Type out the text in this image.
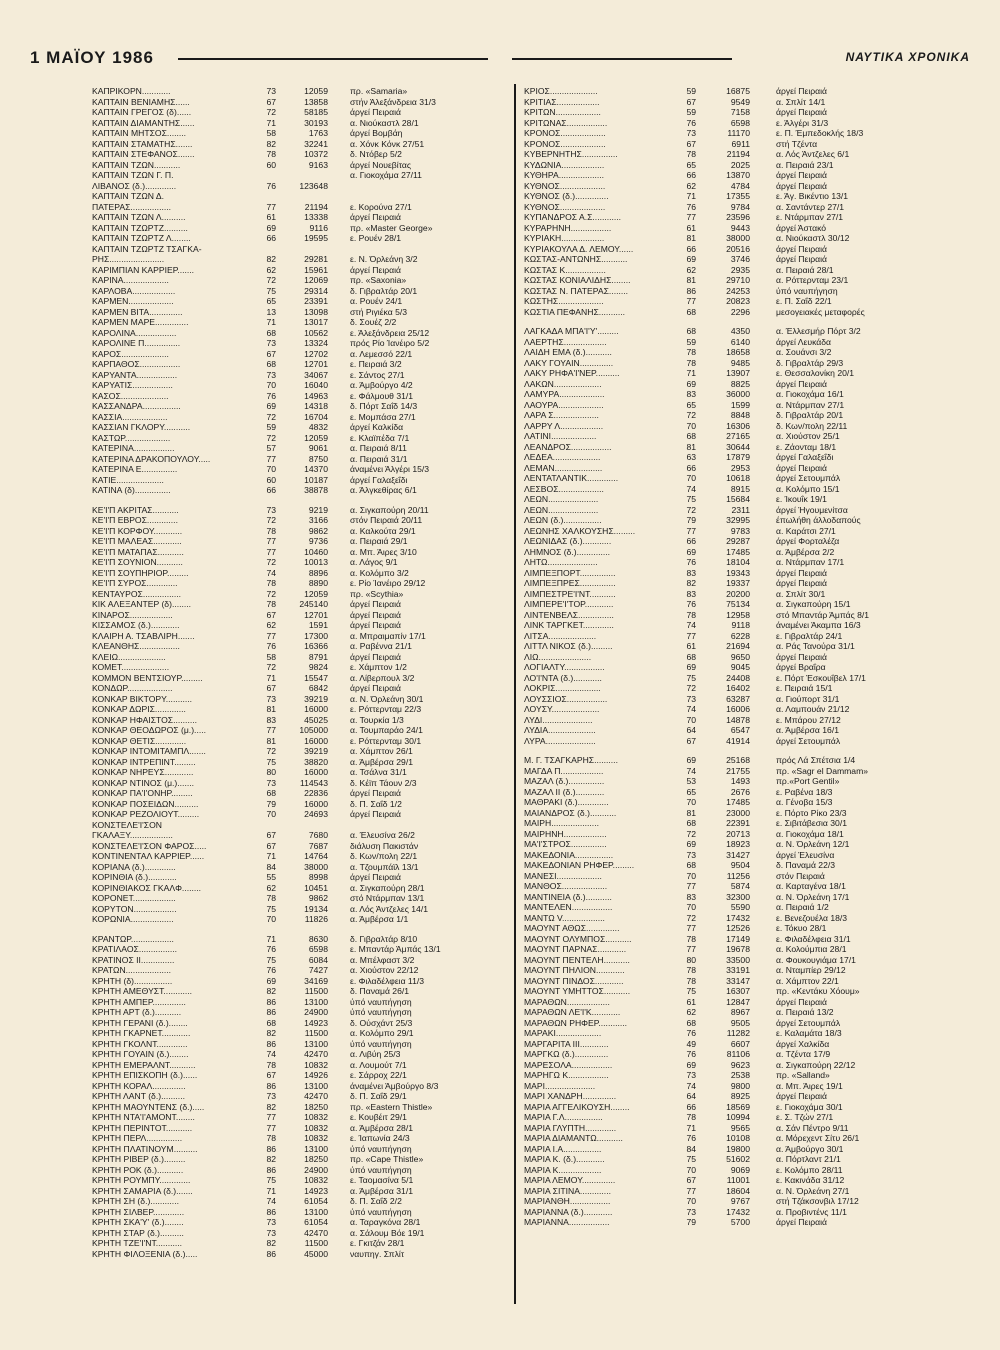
1 ΜΑΪΟΥ 1986	ΝΑΥΤΙΚΑ ΧΡΟΝΙΚΑ
ΚΑΠΡΙΚΟΡΝ............	73	12059	πρ. «Samaria»
ΚΑΠΤΑΙΝ ΒΕΝΙΑΜΗΣ......	67	13858	στήν Άλεξάνδρεια 31/3
ΚΑΠΤΑΙΝ ΓΡΕΓΟΣ (δ)......	72	58185	άργεί Πειραιά
ΚΑΠΤΑΙΝ ΔΙΑΜΑΝΤΗΣ......	71	30193	α. Νιούκαστλ 28/1
ΚΑΠΤΑΙΝ ΜΗΤΣΟΣ........	58	1763	άργεί Βομβάη
ΚΑΠΤΑΙΝ ΣΤΑΜΑΤΗΣ.......	82	32241	α. Χόνκ Κόνκ 27/51
ΚΑΠΤΑΙΝ ΣΤΕΦΑΝΟΣ.......	78	10372	δ. Ντόβερ 5/2
ΚΑΠΤΑΙΝ ΤΖΩΝ...........	60	9163	άργεί Νουεβίτας
ΚΑΠΤΑΙΝ ΤΖΩΝ Γ. Π.	α. Γιοκοχάμα 27/11
ΛΙΒΑΝΟΣ (δ.).............	76	123648
ΚΑΠΤΑΙΝ ΤΖΩΝ Δ.
ΠΑΤΕΡΑΣ.................	77	21194	ε. Κορούνα 27/1
ΚΑΠΤΑΙΝ ΤΖΩΝ Λ..........	61	13338	άργεί Πειραιά
ΚΑΠΤΑΙΝ ΤΖΩΡΤΖ..........	69	9116	πρ. «Master George»
ΚΑΠΤΑΙΝ ΤΖΩΡΤΖ Λ........	66	19595	ε. Ρουέν 28/1
ΚΑΠΤΑΙΝ ΤΖΩΡΤΖ ΤΣΑΓΚΑ-
ΡΗΣ.......................	82	29281	ε. Ν. Όρλεάνη 3/2
ΚΑΡΙΜΠΙΑΝ ΚΑΡΡΙΕΡ.......	62	15961	άργεί Πειραιά
ΚΑΡΙΝΑ...................	72	12069	πρ. «Saxonia»
ΚΑΡΛΟΒΑ..................	75	29314	δ. Γιβραλτάρ 20/1
ΚΑΡΜΕΝ...................	65	23391	α. Ρουέν 24/1
ΚΑΡΜΕΝ ΒΙΤΑ..............	13	13098	στή Ριγιέκα 5/3
ΚΑΡΜΕΝ ΜΑΡΕ..............	71	13017	δ. Σουέζ 2/2
ΚΑΡΟΛΙΝΑ.................	68	10562	ε. Άλεξάνδρεια 25/12
ΚΑΡΟΛΙΝΕ Π...............	73	13324	πρός Ρίο Ίανέιρο 5/2
ΚΑΡΟΣ....................	67	12702	α. Λεμεσσό 22/1
ΚΑΡΠΑΘΟΣ.................	68	12701	ε. Πειραιά 3/2
ΚΑΡΥΑΝΤΑ.................	73	34067	ε. Σάντος 27/1
ΚΑΡΥΑΤΙΣ.................	70	16040	α. Άμβούργο 4/2
ΚΑΣΟΣ....................	76	14963	ε. Φάλμουθ 31/1
ΚΑΣΣΑΝΔΡΑ................	69	14318	δ. Πόρτ Σαΐδ 14/3
ΚΑΣΣΙΑ...................	72	16704	ε. Μομπάσα 27/1
ΚΑΣΣΙΑΝ ΓΚΛΟΡΥ...........	59	4832	άργεί Καλκίδα
ΚΑΣΤΩΡ...................	72	12059	ε. Κλαϊπέδα 7/1
ΚΑΤΕΡΙΝΑ.................	57	9061	α. Πειραιά 8/11
ΚΑΤΕΡΙΝΑ ΔΡΑΚΟΠΟΥΛΟΥ.....	77	8750	α. Πειραιά 31/1
ΚΑΤΕΡΙΝΑ Ε...............	70	14370	άναμένει Άλγέρι 15/3
ΚΑΤΙΕ....................	60	10187	άργεί Γαλαξεΐδι
ΚΑΤΙΝΑ (δ)...............	66	38878	α. Άλγκεθίρας 6/1
ΚΕ'Ι'Π ΑΚΡΙΤΑΣ...........	73	9219	α. Σιγκαπούρη 20/11
ΚΕ'Ι'Π ΕΒΡΟΣ.............	72	3166	στόν Πειραιά 20/11
ΚΕ'Ι'Π ΚΟΡΦΟΥ............	78	9862	α. Καλκούτα 29/1
ΚΕ'Ι'Π ΜΑΛΕΑΣ............	77	9736	α. Πειραιά 29/1
ΚΕ'Ι'Π ΜΑΤΑΠΑΣ...........	77	10460	α. Μπ. Άιρες 3/10
ΚΕ'Ι'Π ΣΟΥΝΙΟΝ...........	72	10013	α. Λάγος 9/1
ΚΕ'Ι'Π ΣΟΥΠΗΡΙΟΡ.........	74	8896	α. Κολόμπο 3/2
ΚΕ'Ι'Π ΣΥΡΟΣ.............	78	8890	ε. Ρίο Ίανέιρο 29/12
ΚΕΝΤΑΥΡΟΣ................	72	12059	πρ. «Scythia»
ΚΙΚ ΑΛΕΞΑΝΤΕΡ (δ)........	78	245140	άργεί Πειραιά
ΚΙΝΑΡΟΣ..................	67	12701	άργεί Πειραιά
ΚΙΣΣΑΜΟΣ (δ.)............	62	1591	άργεί Πειραιά
ΚΛΑΙΡΗ Α. ΤΣΑΒΛΙΡΗ.......	77	17300	α. Μπραιμαπίν 17/1
ΚΛΕΑΝΘΗΣ.................	76	16366	α. Ραβέννα 21/1
ΚΛΕΙΩ....................	58	8791	άργεί Πειραιά
ΚΟΜΕΤ....................	72	9824	ε. Χάμπτον 1/2
ΚΟΜΜΟΝ ΒΕΝΤΣΙΟΥΡ.........	71	15547	α. Λίβερπουλ 3/2
ΚΟΝΔΩΡ...................	67	6842	άργεί Πειραιά
ΚΟΝΚΑΡ ΒΙΚΤΟΡΥ...........	73	39219	α. Ν. Όρλεάνη 30/1
ΚΟΝΚΑΡ ΔΩΡΙΣ.............	81	16000	ε. Ρόττερνταμ 22/3
ΚΟΝΚΑΡ ΗΦΑΙΣΤΟΣ..........	83	45025	α. Τουρκία 1/3
ΚΟΝΚΑΡ ΘΕΟΔΩΡΟΣ (μ.).....	77	105000	α. Τουμπαράο 24/1
ΚΟΝΚΑΡ ΘΕΤΙΣ.............	81	16000	ε. Ρόττερνταμ 30/1
ΚΟΝΚΑΡ ΙΝΤΟΜΙΤΑΜΠΛ.......	72	39219	α. Χάμπτον 26/1
ΚΟΝΚΑΡ ΙΝΤΡΕΠΙΝΤ.........	75	38820	α. Άμβέρσα 29/1
ΚΟΝΚΑΡ ΝΗΡΕΥΣ............	80	16000	α. Τσάλνα 31/1
ΚΟΝΚΑΡ ΝΤΙΝΟΣ (μ.).......	73	114543	δ. Κέϊπ Τάουν 2/3
ΚΟΝΚΑΡ ΠΑ'Ι'ΟΝΗΡ.........	68	22836	άργεί Πειραιά
ΚΟΝΚΑΡ ΠΟΣΕΙΔΩΝ..........	79	16000	δ. Π. Σαΐδ 1/2
ΚΟΝΚΑΡ ΡΕΖΟΛΙΟΥΤ.........	70	24693	άργεί Πειραιά
ΚΟΝΣΤΕΛΕ'Ι'ΣΟΝ
ΓΚΑΛΑΞΥ..................	67	7680	α. Έλευσίνα 26/2
ΚΟΝΣΤΕΛΕ'Ι'ΣΟΝ ΦΑΡΟΣ.....	67	7687	διάλυση Πακιστάν
ΚΟΝΤΙΝΕΝΤΑΛ ΚΑΡΡΙΕΡ......	71	14764	δ. Κων/πολη 22/1
ΚΟΡΙΑΝΑ (δ.).............	84	38000	α. Τζουμπάϊλ 13/1
ΚΟΡΙΝΘΙΑ (δ.)............	55	8998	άργεί Πειραιά
ΚΟΡΙΝΘΙΑΚΟΣ ΓΚΑΛΦ........	62	10451	α. Σιγκαπούρη 28/1
ΚΟΡΟΝΕΤ..................	78	9862	στό Ντάρμπαν 13/1
ΚΟΡΥΤΟΝ..................	75	19134	α. Λός Άντζελες 14/1
ΚΟΡΩΝΙΑ..................	70	11826	α. Άμβέρσα 1/1
ΚΡΑΝΤΩΡ..................	71	8630	δ. Γιβραλτάρ 8/10
ΚΡΑΤΙΛΑΟΣ................	76	6598	ε. Μπαντάρ Άμπάς 13/1
ΚΡΑΤΙΝΟΣ ΙΙ..............	75	6084	α. Μπέλφαστ 3/2
ΚΡΑΤΩΝ...................	76	7427	α. Χιούστον 22/12
ΚΡΗΤΗ (δ)................	69	34169	ε. Φιλαδέλφεια 11/3
ΚΡΗΤΗ ΑΜΕΘΥΣΤ............	82	11500	δ. Παναμά 26/1
ΚΡΗΤΗ ΑΜΠΕΡ..............	86	13100	ύπό ναυπήγηση
ΚΡΗΤΗ ΑΡΤ (δ.)...........	86	24900	ύπό ναυπήγηση
ΚΡΗΤΗ ΓΕΡΑΝΙ (δ.)........	68	14923	δ. Ούσχάντ 25/3
ΚΡΗΤΗ ΓΚΑΡΝΕΤ............	82	11500	α. Κολόμπο 29/1
ΚΡΗΤΗ ΓΚΟΛΝΤ.............	86	13100	ύπό ναυπήγηση
ΚΡΗΤΗ ΓΟΥΑΙΝ (δ.)........	74	42470	α. Λιβύη 25/3
ΚΡΗΤΗ ΕΜΕΡΑΛΝΤ...........	78	10832	α. Λουμούτ 7/1
ΚΡΗΤΗ ΕΠΙΣΚΟΠΗ (δ.)......	67	14926	ε. Σάρροχ 22/1
ΚΡΗΤΗ ΚΟΡΑΛ..............	86	13100	άναμένει Άμβούργο 8/3
ΚΡΗΤΗ ΛΑΝΤ (δ.)..........	73	42470	δ. Π. Σαΐδ 29/1
ΚΡΗΤΗ ΜΑΟΥΝΤΕΝΣ (δ.).....	82	18250	πρ. «Eastern Thistle»
ΚΡΗΤΗ ΝΤΑ'Ι'ΑΜΟΝΤ........	77	10832	ε. Κουβέιτ 29/1
ΚΡΗΤΗ ΠΕΡΙΝΤΟΤ...........	77	10832	α. Άμβέρσα 28/1
ΚΡΗΤΗ ΠΕΡΛ...............	78	10832	ε. Ίαπωνία 24/3
ΚΡΗΤΗ ΠΛΑΤΙΝΟΥΜ..........	86	13100	ύπό ναυπήγηση
ΚΡΗΤΗ ΡΙΒΕΡ (δ.).........	82	18250	πρ. «Cape Thistle»
ΚΡΗΤΗ ΡΟΚ (δ.)...........	86	24900	ύπό ναυπήγηση
ΚΡΗΤΗ ΡΟΥΜΠΥ.............	75	10832	ε. Ταομασίνα 5/1
ΚΡΗΤΗ ΣΑΜΑΡΙΑ (δ.).......	71	14923	α. Άμβέρσα 31/1
ΚΡΗΤΗ ΣΗ (δ.)............	74	61054	δ. Π. Σαΐδ 2/2
ΚΡΗΤΗ ΣΙΛΒΕΡ.............	86	13100	ύπό ναυπήγηση
ΚΡΗΤΗ ΣΚΑ'Υ' (δ.)........	73	61054	α. Ταραγκόνα 28/1
ΚΡΗΤΗ ΣΤΑΡ (δ.)..........	73	42470	α. Σάλουμ Βόε 19/1
ΚΡΗΤΗ ΤΖΕ'Ι'ΝΤ...........	82	11500	ε. Γκιτζάν 28/1
ΚΡΗΤΗ ΦΙΛΟΞΕΝΙΑ (δ.).....	86	45000	ναυπηγ. Σπλίτ
ΚΡΙΟΣ....................	59	16875	άργεί Πειραιά
ΚΡΙΤΙΑΣ..................	67	9549	α. Σπλίτ 14/1
ΚΡΙΤΩΝ...................	59	7158	άργεί Πειραιά
ΚΡΙΤΩΝΑΣ.................	76	6598	ε. Άλγέρι 31/3
ΚΡΟΝΟΣ...................	73	11170	ε. Π. Έμπεδοκλής 18/3
ΚΡΟΝΟΣ...................	67	6911	στή Τζέντα
ΚΥΒΕΡΝΗΤΗΣ...............	78	21194	α. Λός Άντζελες 6/1
ΚΥΔΩΝΙΑ..................	65	2025	α. Πειραιά 23/1
ΚΥΘΗΡΑ...................	66	13870	άργεί Πειραιά
ΚΥΘΝΟΣ...................	62	4784	άργεί Πειραιά
ΚΥΘΝΟΣ (δ.)..............	71	17355	ε. Άγ. Βικέντιο 13/1
ΚΥΘΝΟΣ...................	76	9784	α. Σαντάντερ 27/1
ΚΥΠΑΝΔΡΟΣ Α.Σ............	77	23596	ε. Ντάρμπαν 27/1
ΚΥΡΑΡΗΝΗ.................	61	9443	άργεί Άστακό
ΚΥΡΙΑΚΗ..................	81	38000	α. Νιούκαστλ 30/12
ΚΥΡΙΑΚΟΥΛΑ Δ. ΛΕΜΟΥ......	66	20516	άργεί Πειραιά
ΚΩΣΤΑΣ-ΑΝΤΩΝΗΣ...........	69	3746	άργεί Πειραιά
ΚΩΣΤΑΣ Κ.................	62	2935	α. Πειραιά 28/1
ΚΩΣΤΑΣ ΚΟΝΙΑΛΙΔΗΣ........	81	29710	α. Ρόττερνταμ 23/1
ΚΩΣΤΑΣ Ν. ΠΑΤΕΡΑΣ........	86	24253	ύπό ναυπήγηση
ΚΩΣΤΗΣ...................	77	20823	ε. Π. Σαΐδ 22/1
ΚΩΣΤΙΑ ΠΕΦΑΝΗΣ...........	68	2296	μεσογειακές μεταφορές
ΛΑΓΚΑΔΑ ΜΠΑ'Ι'Υ'.........	68	4350	α. Έλλεσμήρ Πόρτ 3/2
ΛΑΕΡΤΗΣ..................	59	6140	άργεί Λευκάδα
ΛΑΙΔΗ ΕΜΑ (δ.)...........	78	18658	α. Σουάνσι 3/2
ΛΑΚΥ ΓΟΥΑΙΝ..............	78	9485	δ. Γιβραλτάρ 29/3
ΛΑΚΥ ΡΗΦΑ'Ι'ΝΕΡ..........	71	13907	ε. Θεσσαλονίκη 20/1
ΛΑΚΩΝ....................	69	8825	άργεί Πειραιά
ΛΑΜΥΡΑ...................	83	36000	α. Γιοκοχάμα 16/1
ΛΑΟΥΡΑ...................	65	1599	α. Ντάρμπαν 27/1
ΛΑΡΑ Σ...................	72	8848	δ. Γιβραλτάρ 20/1
ΛΑΡΡΥ Λ..................	70	16306	δ. Κων/πολη 22/11
ΛΑΤΙΝΙ...................	68	27165	α. Χιούστον 25/1
ΛΕΑΝΔΡΟΣ.................	81	30644	ε. Ζάονταμ 18/1
ΛΕΔΕΑ....................	63	17879	άργεί Γαλαξεΐδι
ΛΕΜΑΝ....................	66	2953	άργεί Πειραιά
ΛΕΝΤΑΤΛΑΝΤΙΚ.............	70	10618	άργεί Σετουμπάλ
ΛΕΣΒΟΣ...................	74	8915	α. Κολόμπο 15/1
ΛΕΩΝ.....................	75	15684	ε. Ίκουΐκ 19/1
ΛΕΩΝ.....................	72	2311	άργεί Ήγουμενίτσα
ΛΕΩΝ (δ.)................	79	32995	έπωλήθη άλλοδαπούς
ΛΕΩΝΗΣ ΧΑΛΚΟΥΣΗΣ.........	77	9783	α. Καράτσι 27/1
ΛΕΩΝΙΔΑΣ (δ.)............	66	29287	άργεί Φορταλέζα
ΛΗΜΝΟΣ (δ.)..............	69	17485	α. Άμβέρσα 2/2
ΛΗΤΩ.....................	76	18104	α. Ντάρμπαν 17/1
ΛΙΜΠΕΞΠΟΡΤ...............	83	19343	άργεί Πειραιά
ΛΙΜΠΕΞΠΡΕΣ...............	82	19337	άργεί Πειραιά
ΛΙΜΠΕΣΤΡΕ'Ι'ΝΤ...........	83	20200	α. Σπλίτ 30/1
ΛΙΜΠΕΡΕ'Ι'ΤΟΡ............	76	75134	α. Σιγκαπούρη 15/1
ΛΙΝΤΕΝΒΕΛΣ...............	78	12958	στό Μπαντάρ Άμπάς 8/1
ΛΙΝΚ ΤΑΡΓΚΕΤ.............	74	9118	άναμένει Άκαμπα 16/3
ΛΙΤΣΑ....................	77	6228	ε. Γιβραλτάρ 24/1
ΛΙΤΤΛ ΝΙΚΟΣ (δ.).........	61	21694	α. Ράς Τανούρα 31/1
ΛΙΩ......................	68	9650	άργεί Πειραιά
ΛΟΓΙΑΛΤΥ.................	69	9045	άργεί Βραΐρα
ΛΟ'Ι'ΝΤΑ (δ.)............	75	24408	ε. Πόρτ Έσκουΐβελ 17/1
ΛΟΚΡΙΣ...................	72	16402	ε. Πειραιά 15/1
ΛΟΥΣΣΙΟΣ.................	73	63287	α. Γιούπορτ 31/1
ΛΟΥΣΥ....................	74	16006	α. Λαμπουάν 21/12
ΛΥΔΙ.....................	70	14878	ε. Μπάρου 27/12
ΛΥΔΙΑ....................	64	6547	α. Άμβέρσα 16/1
ΛΥΡΑ.....................	67	41914	άργεί Σετουμπάλ
Μ. Γ. ΤΣΑΓΚΑΡΗΣ..........	69	25168	πρός Λά Σπέτσια 1/4
ΜΑΓΔΑ Π..................	74	21755	πρ. «Sagr el Dammam»
ΜΑΖΑΛ (δ.)...............	53	1493	πρ.«Port Gentil»
ΜΑΖΑΛ ΙΙ (δ.)............	65	2676	ε. Ραβένα 18/3
ΜΑΘΡΑΚΙ (δ.).............	70	17485	α. Γένοβα 15/3
ΜΑΙΑΝΔΡΟΣ (δ.)...........	81	23000	ε. Πόρτο Ρίκο 23/3
ΜΑΙΡΗ....................	68	22391	ε. Σιβιτάβεσια 30/1
ΜΑΙΡΗΝΗ..................	72	20713	α. Γιοκοχάμα 18/1
ΜΑ'Ι'ΣΤΡΟΣ...............	69	18923	α. Ν. Όρλεάνη 12/1
ΜΑΚΕΔΟΝΙΑ................	73	31427	άργεί Έλευσίνα
ΜΑΚΕΔΟΝΙΑΝ ΡΗΦΕΡ.........	68	9504	δ. Παναμά 22/3
ΜΑΝΕΣΙ...................	70	11256	στόν Πειραιά
ΜΑΝΘΟΣ...................	77	5874	α. Καρταγένα 18/1
ΜΑΝΤΙΝΕΙΑ (δ.)...........	83	32300	α. Ν. Όρλεάνη 17/1
ΜΑΝΤΕΛΕΝ.................	70	5590	α. Πειραιά 1/2
ΜΑΝΤΩ V..................	72	17432	ε. Βενεζουέλα 18/3
ΜΑΟΥΝΤ ΑΘΩΣ..............	77	12526	ε. Τόκυο 28/1
ΜΑΟΥΝΤ ΟΛΥΜΠΟΣ...........	78	17149	ε. Φιλαδέλφεια 31/1
ΜΑΟΥΝΤ ΠΑΡΝΑΣ............	77	19678	α. Κολούμπια 28/1
ΜΑΟΥΝΤ ΠΕΝΤΕΛΗ...........	80	33500	α. Φουκουγιάμα 17/1
ΜΑΟΥΝΤ ΠΗΛΙΟΝ............	78	33191	α. Νταμπίερ 29/12
ΜΑΟΥΝΤ ΠΙΝΔΟΣ............	78	33147	α. Χάμπτον 22/1
ΜΑΟΥΝΤ ΥΜΗΤΤΟΣ...........	75	16307	πρ. «Κεντάκυ Χόουμ»
ΜΑΡΑΘΩΝ..................	61	12847	άργεί Πειραιά
ΜΑΡΑΘΩΝ ΛΕ'Ι'Κ............	62	8967	α. Πειραιά 13/2
ΜΑΡΑΘΩΝ ΡΗΦΕΡ............	68	9505	άργεί Σετουμπάλ
ΜΑΡΑΚΙ...................	76	11282	ε. Καλαμάτα 18/3
ΜΑΡΓΑΡΙΤΑ ΙΙΙ............	49	6607	άργεί Χαλκίδα
ΜΑΡΓΚΩ (δ.)..............	76	81106	α. Τζέντα 17/9
ΜΑΡΕΣΟΛΑ.................	69	9623	α. Σιγκαπούρη 22/12
ΜΑΡΗΓΩ Κ.................	73	2538	πρ. «Salland»
ΜΑΡΙ.....................	74	9800	α. Μπ. Άιρες 19/1
ΜΑΡΙ ΧΑΝΔΡΗ..............	64	8925	άργεί Πειραιά
ΜΑΡΙΑ ΑΓΓΕΛΙΚΟΥΣΗ........	66	18569	ε. Γιοκοχάμα 30/1
ΜΑΡΙΑ Γ.Λ................	78	10994	ε. Σ. Τζών 27/1
ΜΑΡΙΑ ΓΛΥΠΤΗ.............	71	9565	α. Σάν Πέντρο 9/11
ΜΑΡΙΑ ΔΙΑΜΑΝΤΩ...........	76	10108	α. Μόρεχεντ Σίτυ 26/1
ΜΑΡΙΑ Ι.Α................	84	19800	α. Άμβούργο 30/1
ΜΑΡΙΑ Κ. (δ.)............	75	51602	α. Πόρτλαντ 21/1
ΜΑΡΙΑ Κ..................	70	9069	ε. Κολόμπο 28/11
ΜΑΡΙΑ ΛΕΜΟΥ..............	67	11001	ε. Κακινάδα 31/12
ΜΑΡΙΑ ΣΙΤΙΝΑ.............	77	18604	α. Ν. Όρλεάνη 27/1
ΜΑΡΙΑΝΘΗ.................	70	9767	στή Τζάκσονβιλ 17/12
ΜΑΡΙΑΝΝΑ (δ.)............	73	17432	α. Προβιντένς 11/1
ΜΑΡΙΑΝΝΑ.................	79	5700	άργεί Πειραιά
